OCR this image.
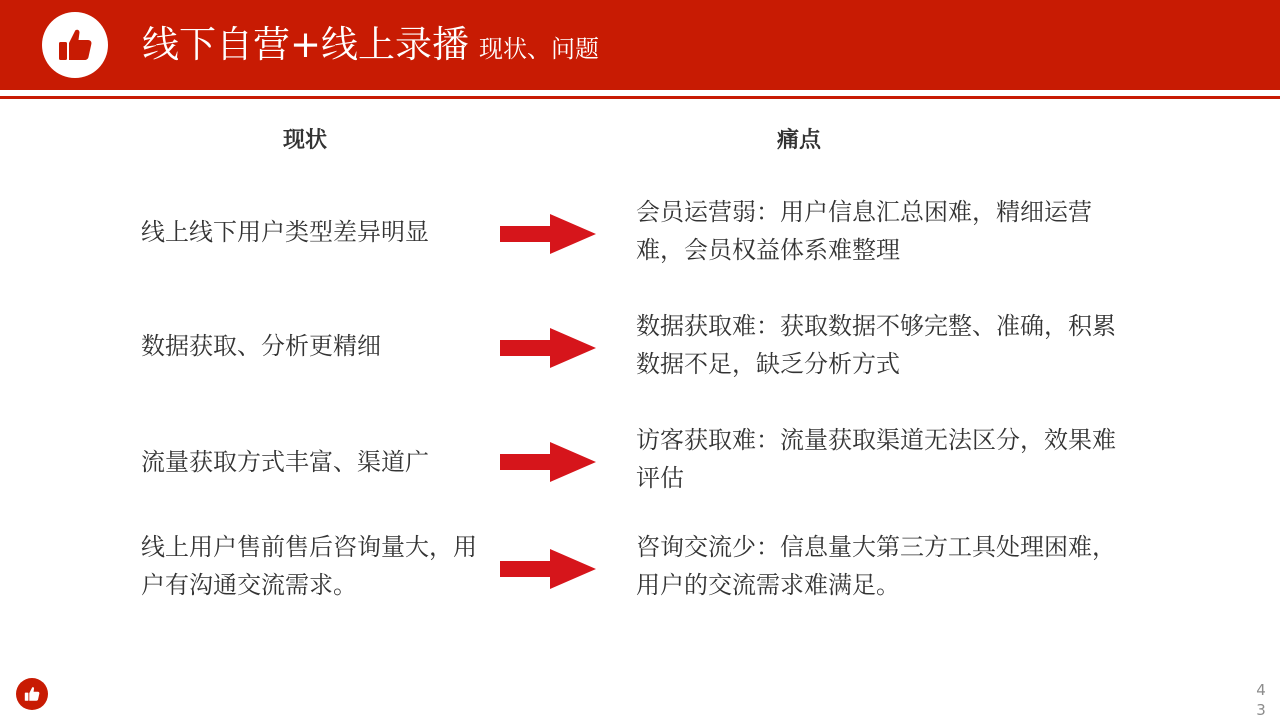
线下自营+线上录播 现状、问题
现状	痛点
线上线下用户类型差异明显
会员运营弱：用户信息汇总困难，精细运营难，会员权益体系难整理
数据获取、分析更精细
数据获取难：获取数据不够完整、准确，积累数据不足，缺乏分析方式
流量获取方式丰富、渠道广
访客获取难：流量获取渠道无法区分，效果难评估
线上用户售前售后咨询量大，用户有沟通交流需求。
咨询交流少：信息量大第三方工具处理困难，用户的交流需求难满足。
43
